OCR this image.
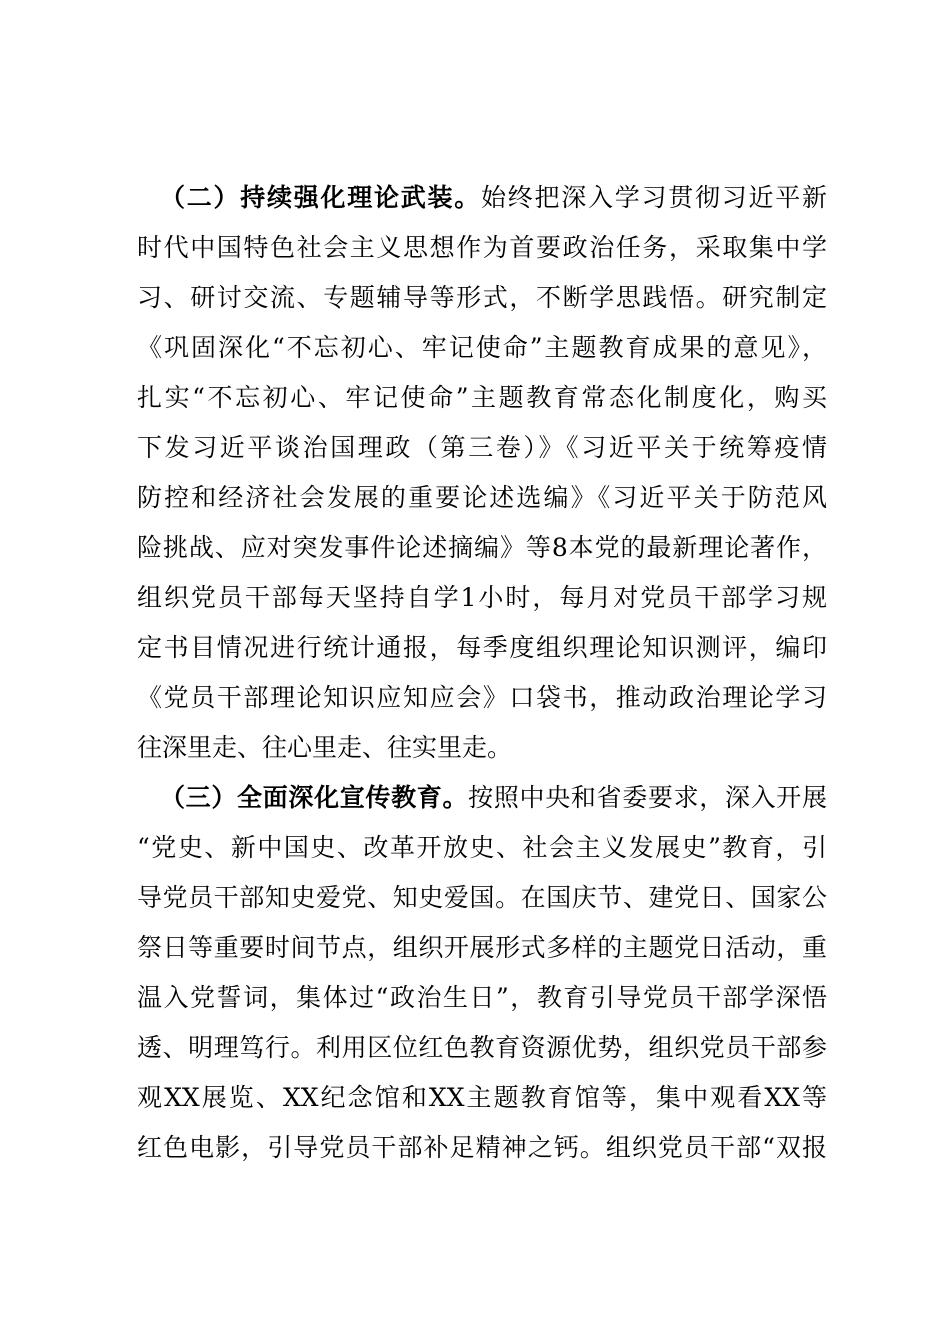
（二）持续强化理论武装。始终把深入学习贯彻习近平新

时代中国特色社会主义思想作为首要政治任务，采取集中学

习、研讨交流、专题辅导等形式，不断学思践悟。研究制定

《巩固深化“不忘初心、牢记使命”主题教育成果的意见》，

扎实“不忘初心、牢记使命”主题教育常态化制度化，购买

下发习近平谈治国理政（第三卷）》《习近平关于统筹疫情

防控和经济社会发展的重要论述选编》《习近平关于防范风

险挑战、应对突发事件论述摘编》等8本党的最新理论著作，

组织党员干部每天坚持自学1小时，每月对党员干部学习规

定书目情况进行统计通报，每季度组织理论知识测评，编印

《党员干部理论知识应知应会》口袋书，推动政治理论学习

往深里走、往心里走、往实里走。

（三）全面深化宣传教育。按照中央和省委要求，深入开展

“党史、新中国史、改革开放史、社会主义发展史”教育，引

导党员干部知史爱党、知史爱国。在国庆节、建党日、国家公

祭日等重要时间节点，组织开展形式多样的主题党日活动，重

温入党誓词，集体过“政治生日”，教育引导党员干部学深悟

透、明理笃行。利用区位红色教育资源优势，组织党员干部参

观XX展览、XX纪念馆和XX主题教育馆等，集中观看XX等

红色电影，引导党员干部补足精神之钙。组织党员干部“双报
